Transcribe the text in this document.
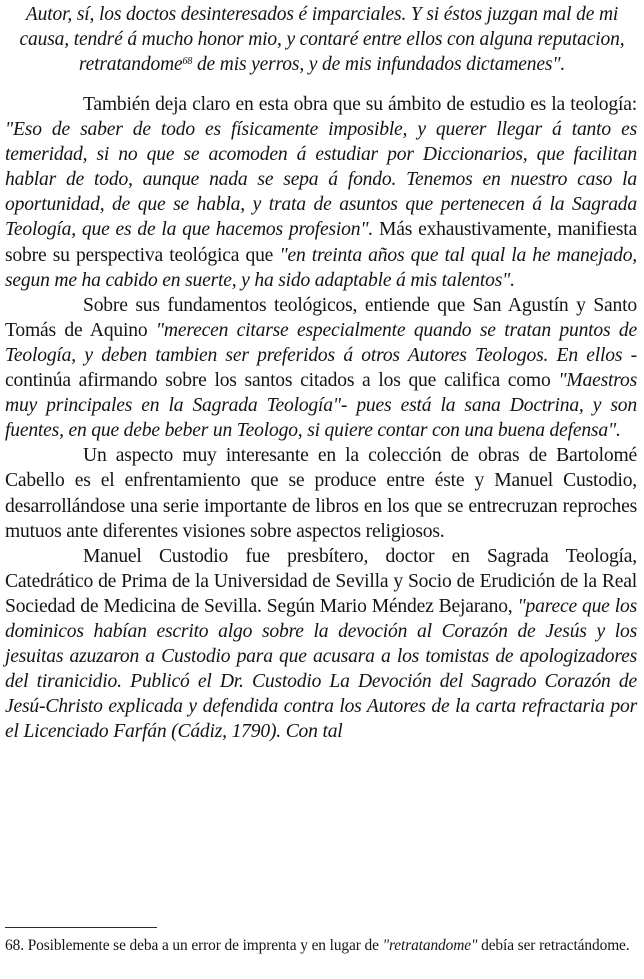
Autor, sí, los doctos desinteresados é imparciales. Y si éstos juzgan mal de mi causa, tendré á mucho honor mio, y contaré entre ellos con alguna reputacion, retratandome$^{68}$ de mis yerros, y de mis infundados dictamenes".

También deja claro en esta obra que su ámbito de estudio es la teología: "Eso de saber de todo es físicamente imposible, y querer llegar á tanto es temeridad, si no que se acomoden á estudiar por Diccionarios, que facilitan hablar de todo, aunque nada se sepa á fondo. Tenemos en nuestro caso la oportunidad, de que se habla, y trata de asuntos que pertenecen á la Sagrada Teología, que es de la que hacemos profesion". Más exhaustivamente, manifiesta sobre su perspectiva teológica que "en treinta años que tal qual la he manejado, segun me ha cabido en suerte, y ha sido adaptable á mis talentos".

Sobre sus fundamentos teológicos, entiende que San Agustín y Santo Tomás de Aquino "merecen citarse especialmente quando se tratan puntos de Teología, y deben tambien ser preferidos á otros Autores Teologos. En ellos -continúa afirmando sobre los santos citados a los que califica como "Maestros muy principales en la Sagrada Teología"- pues está la sana Doctrina, y son fuentes, en que debe beber un Teologo, si quiere contar con una buena defensa".

Un aspecto muy interesante en la colección de obras de Bartolomé Cabello es el enfrentamiento que se produce entre éste y Manuel Custodio, desarrollándose una serie importante de libros en los que se entrecruzan reproches mutuos ante diferentes visiones sobre aspectos religiosos.

Manuel Custodio fue presbítero, doctor en Sagrada Teología, Catedrático de Prima de la Universidad de Sevilla y Socio de Erudición de la Real Sociedad de Medicina de Sevilla. Según Mario Méndez Bejarano, "parece que los dominicos habían escrito algo sobre la devoción al Corazón de Jesús y los jesuitas azuzaron a Custodio para que acusara a los tomistas de apologizadores del tiranicidio. Publicó el Dr. Custodio La Devoción del Sagrado Corazón de Jesú-Christo explicada y defendida contra los Autores de la carta refractaria por el Licenciado Farfán (Cádiz, 1790). Con tal

68. Posiblemente se deba a un error de imprenta y en lugar de "retratandome" debía ser retractándome.
